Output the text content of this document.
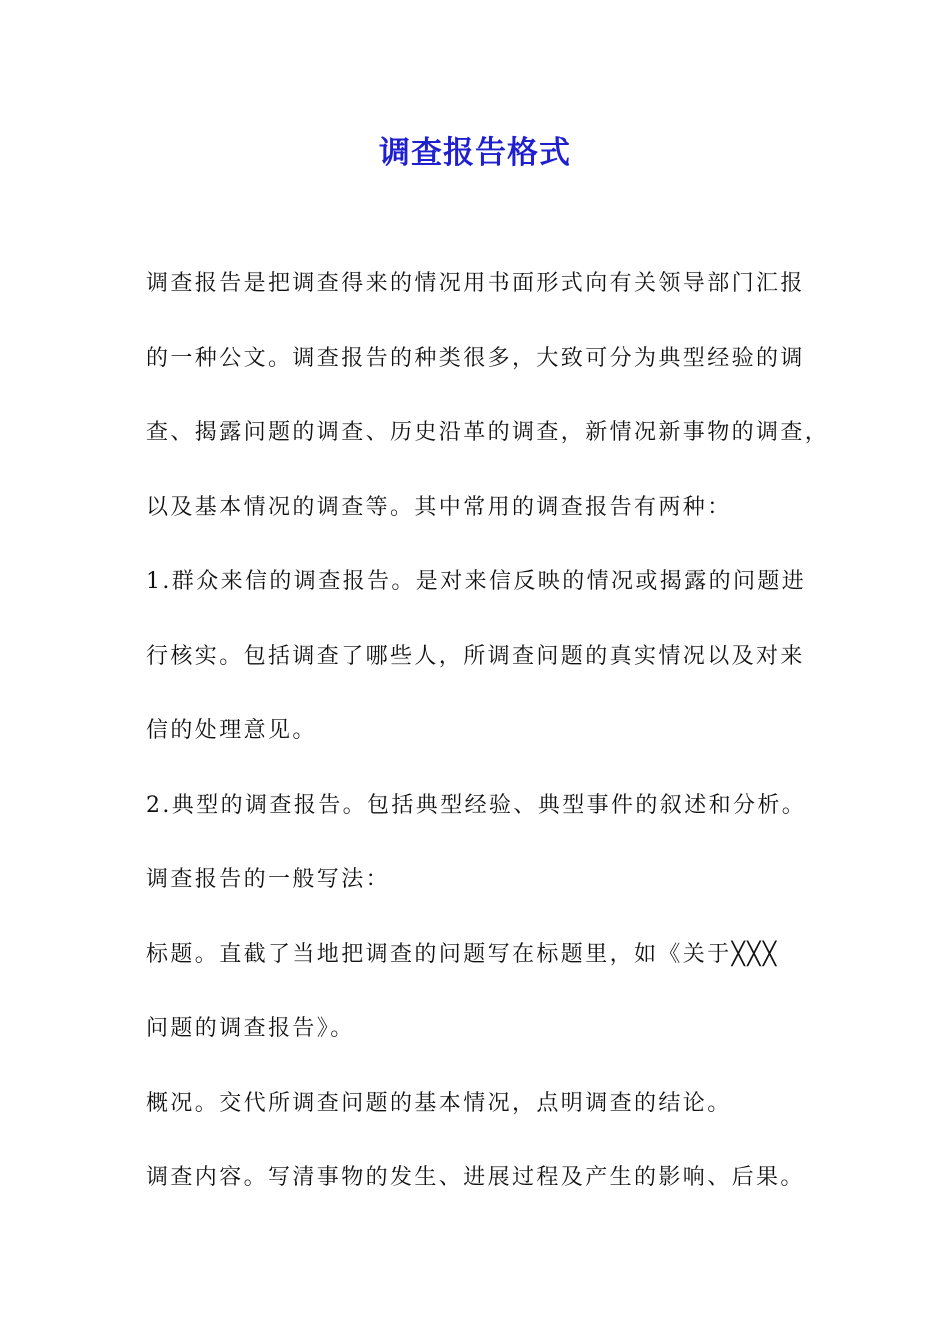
调查报告格式
调查报告是把调查得来的情况用书面形式向有关领导部门汇报
的一种公文。调查报告的种类很多，大致可分为典型经验的调
查、揭露问题的调查、历史沿革的调查，新情况新事物的调查，
以及基本情况的调查等。其中常用的调查报告有两种：
1.群众来信的调查报告。是对来信反映的情况或揭露的问题进
行核实。包括调查了哪些人，所调查问题的真实情况以及对来
信的处理意见。
2.典型的调查报告。包括典型经验、典型事件的叙述和分析。
调查报告的一般写法：
标题。直截了当地把调查的问题写在标题里，如《关于╳╳╳
问题的调查报告》。
概况。交代所调查问题的基本情况，点明调查的结论。
调查内容。写清事物的发生、进展过程及产生的影响、后果。
